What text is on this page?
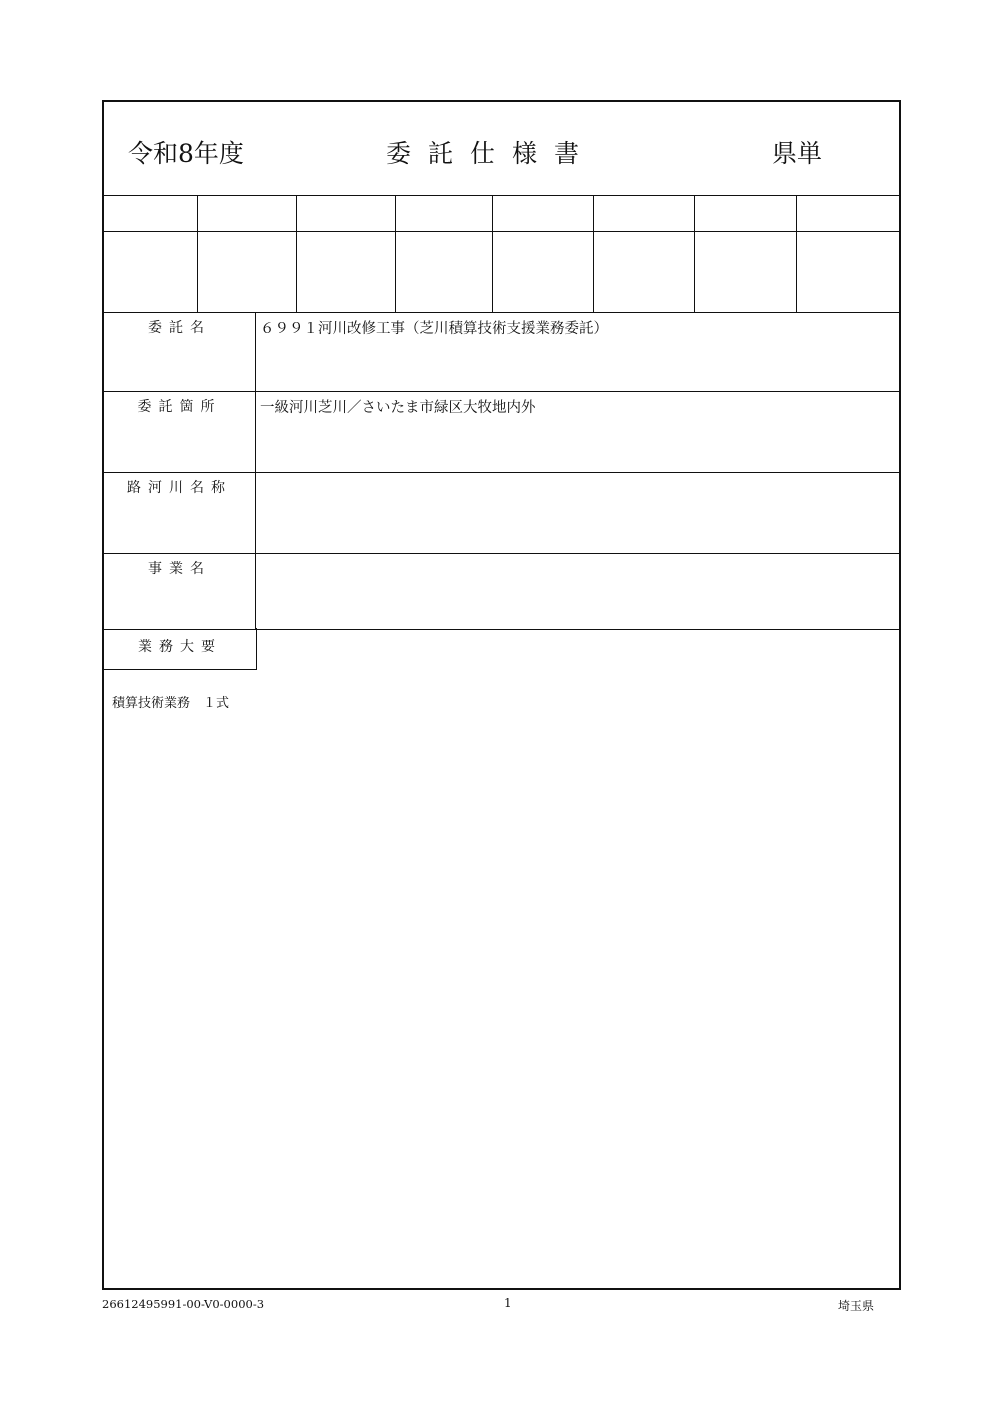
令和8年度	委託仕様書	県単
委託名	６９９１河川改修工事（芝川積算技術支援業務委託）
委託箇所	一級河川芝川／さいたま市緑区大牧地内外
路河川名称
事業名
業務大要
積算技術業務　１式
26612495991-00-V0-0000-3	1	埼玉県
